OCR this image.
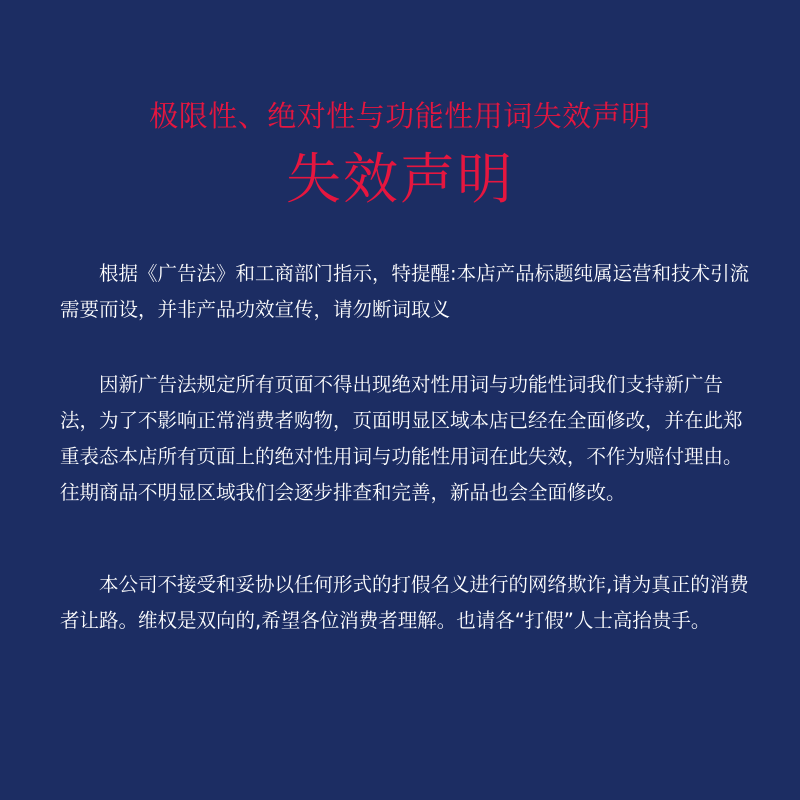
极限性、绝对性与功能性用词失效声明
失效声明

根据《广告法》和工商部门指示，特提醒:本店产品标题纯属运营和技术引流需要而设，并非产品功效宣传，请勿断词取义

因新广告法规定所有页面不得出现绝对性用词与功能性词我们支持新广告法，为了不影响正常消费者购物，页面明显区域本店已经在全面修改，并在此郑重表态本店所有页面上的绝对性用词与功能性用词在此失效，不作为赔付理由。往期商品不明显区域我们会逐步排查和完善，新品也会全面修改。

本公司不接受和妥协以任何形式的打假名义进行的网络欺诈,请为真正的消费者让路。维权是双向的,希望各位消费者理解。也请各“打假”人士高抬贵手。
